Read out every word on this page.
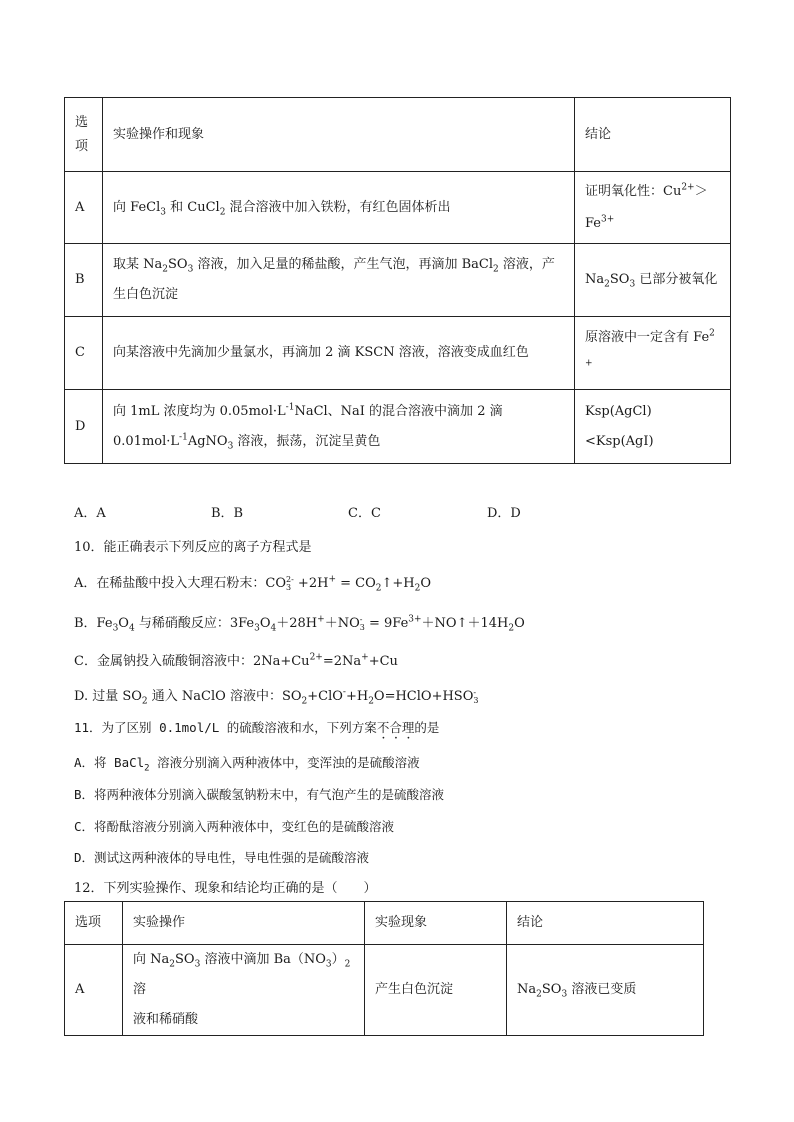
选项	实验操作和现象	结论
A	向 FeCl$_3$ 和 CuCl$_2$ 混合溶液中加入铁粉，有红色固体析出	证明氧化性：$Cu^{2+}>$
$Fe^{3+}$
B	取某 $Na_2SO_3$ 溶液，加入足量的稀盐酸，产生气泡，再滴加 BaCl$_2$ 溶液，产
生白色沉淀	$Na_2SO_3$ 已部分被氧化
C	向某溶液中先滴加少量氯水，再滴加 2 滴 KSCN 溶液，溶液变成血红色	原溶液中一定含有 Fe$^2$
+
D	向 1mL 浓度均为 $0.05mol\cdot L^{-1}NaCl$、NaI 的混合溶液中滴加 2 滴
$0.01mol\cdot L^{-1}AgNO_3$ 溶液，振荡，沉淀呈黄色	Ksp(AgCl)<Ksp(AgI)
A．A	B．B	C．C	D．D
10．能正确表示下列反应的离子方程式是
A．在稀盐酸中投入大理石粉末：CO2-
$3 +2H^+ = CO_2↑+H_2O$
B．$Fe_3O_4$ 与稀硝酸反应：$3Fe_3O_4+28H^++NO-$
$3 = 9Fe^{3+}+NO↑+14H_2O$
C．金属钠投入硫酸铜溶液中：$2Na+Cu^{2+}=2Na^++Cu$
D. 过量 $SO_2$ 通入 NaClO 溶液中：$SO_2+ClO^-+H_2O=HClO+HSO-$
3
11．为了区别 0.1mol/L 的硫酸溶液和水，下列方案不合理的是
A．将 BaCl$_2$ 溶液分别滴入两种液体中，变浑浊的是硫酸溶液
B．将两种液体分别滴入碳酸氢钠粉末中，有气泡产生的是硫酸溶液
C．将酚酞溶液分别滴入两种液体中，变红色的是硫酸溶液
D．测试这两种液体的导电性，导电性强的是硫酸溶液
12．下列实验操作、现象和结论均正确的是（　　）
选项	实验操作	实验现象	结论
A	向 $Na_2SO_3$ 溶液中滴加 $Ba(NO_3)_2$ 溶
液和稀硝酸	产生白色沉淀	$Na_2SO_3$ 溶液已变质
